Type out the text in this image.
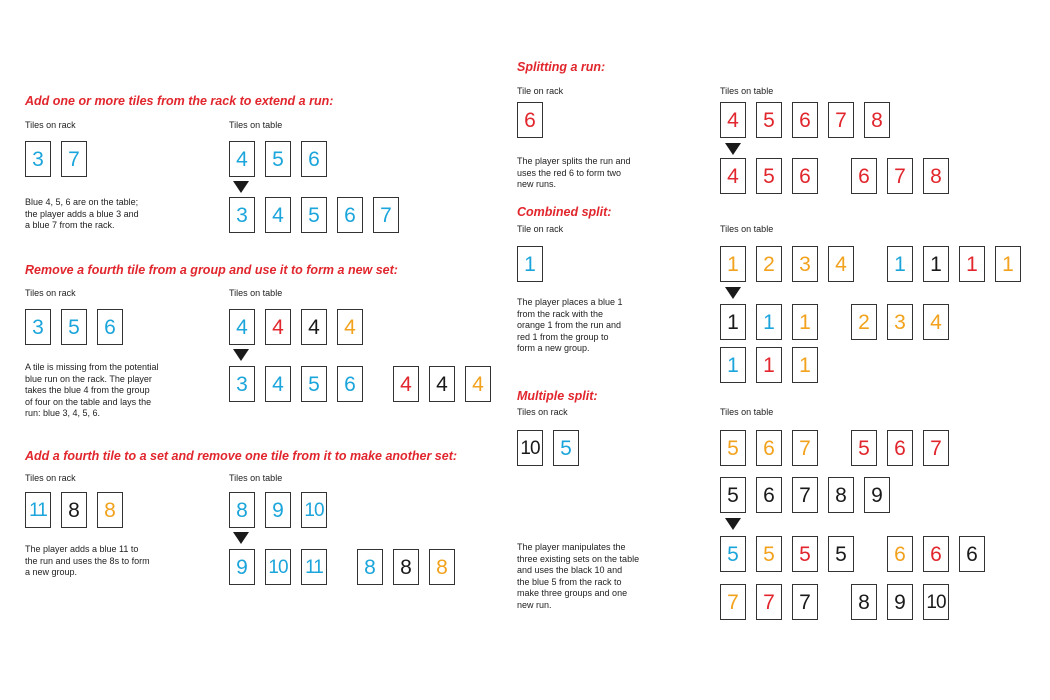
Add one or more tiles from the rack to extend a run:
Tiles on rack	Tiles on table
3	7	4	5	6
3	4	5	6	7
Blue 4, 5, 6 are on the table;
the player adds a blue 3 and
a blue 7 from the rack.
Remove a fourth tile from a group and use it to form a new set:
Tiles on rack	Tiles on table
3	5	6	4	4	4	4
3	4	5	6	4	4	4
A tile is missing from the potential
blue run on the rack. The player
takes the blue 4 from the group
of four on the table and lays the
run: blue 3, 4, 5, 6.
Add a fourth tile to a set and remove one tile from it to make another set:
Tiles on rack	Tiles on table
11	8	8	8	9	10
9	10 11	8	8	8
The player adds a blue 11 to
the run and uses the 8s to form
a new group.
Splitting a run:
Tile on rack	Tiles on table
6	4	5	6	7	8
4	5	6	6	7	8
The player splits the run and
uses the red 6 to form two
new runs.
Combined split:
Tile on rack	Tiles on table
1	1	2	3	4	1	1	1	1
1	1	1	2	3	4
1	1	1
The player places a blue 1
from the rack with the
orange 1 from the run and
red 1 from the group to
form a new group.
Multiple split:
Tiles on rack	Tiles on table
10 5	5	6	7	5	6	7
5	6	7	8	9
5	5	5	5	6	6	6
7	7	7	8	9	10
The player manipulates the
three existing sets on the table
and uses the black 10 and
the blue 5 from the rack to
make three groups and one
new run.
